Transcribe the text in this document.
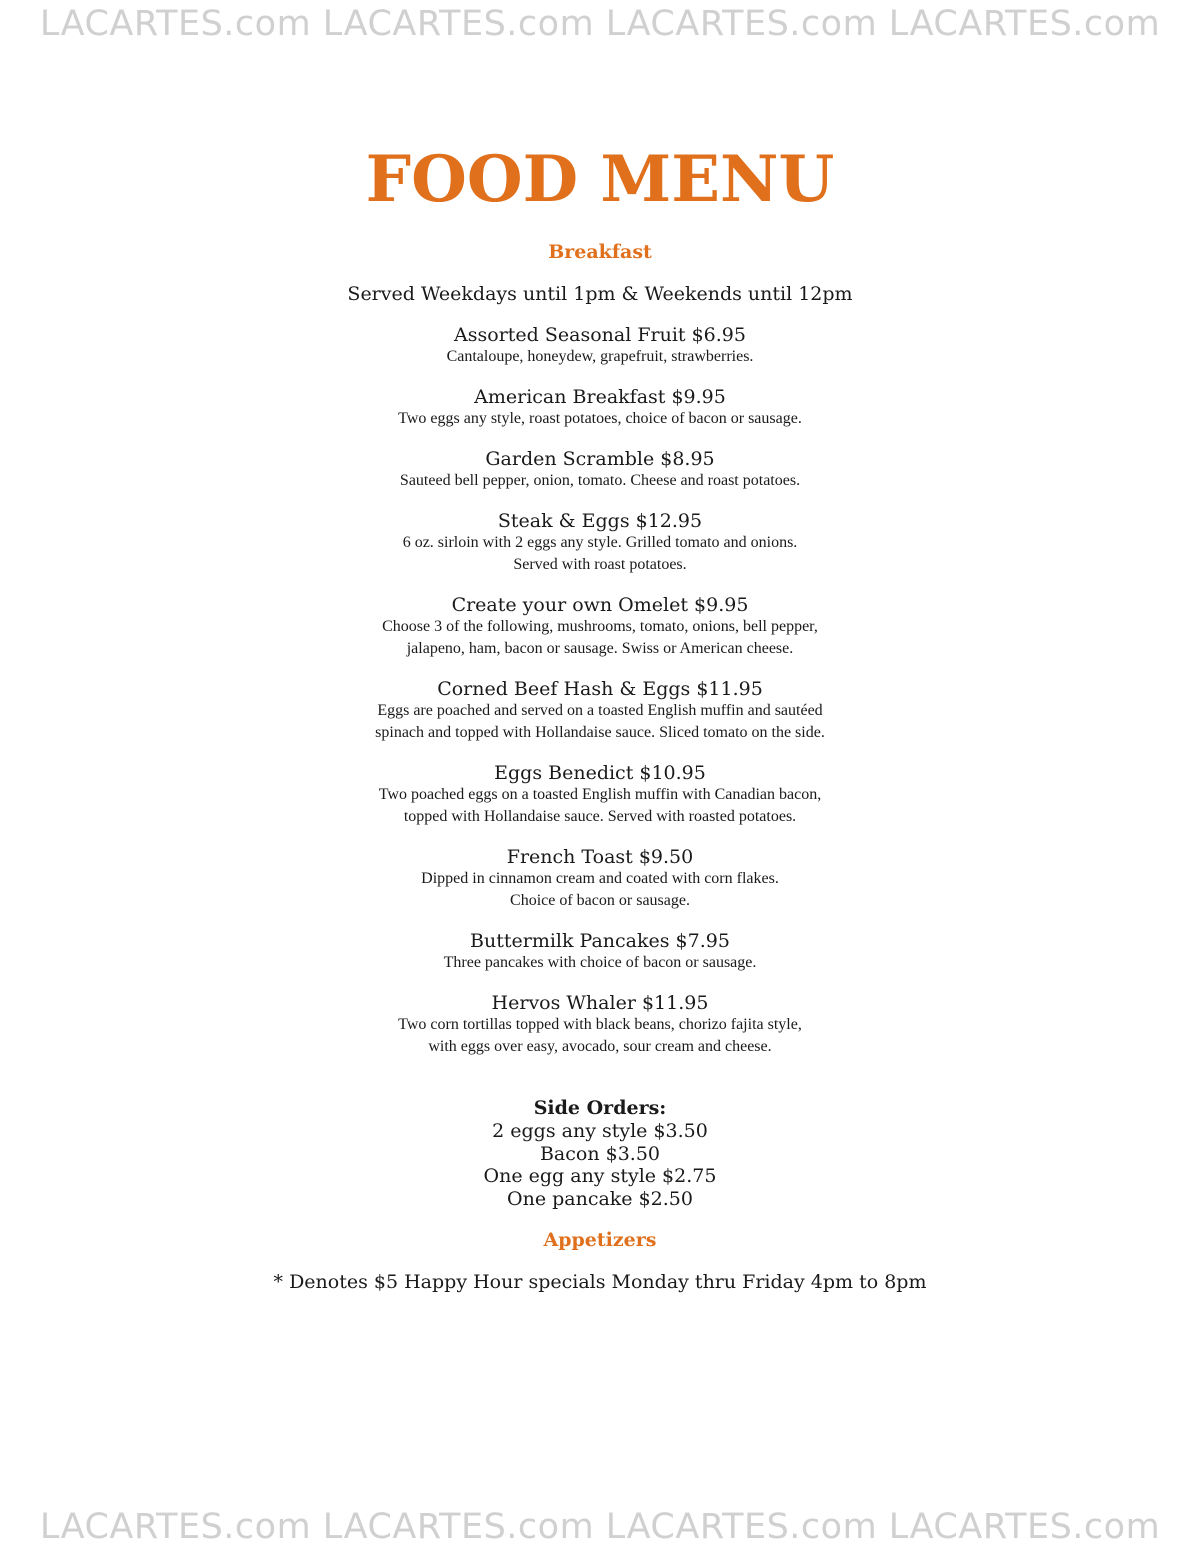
LACARTES.com LACARTES.com LACARTES.com LACARTES.com
FOOD MENU
Breakfast
Served Weekdays until 1pm & Weekends until 12pm
Assorted Seasonal Fruit $6.95
Cantaloupe, honeydew, grapefruit, strawberries.
American Breakfast $9.95
Two eggs any style, roast potatoes, choice of bacon or sausage.
Garden Scramble $8.95
Sauteed bell pepper, onion, tomato. Cheese and roast potatoes.
Steak & Eggs $12.95
6 oz. sirloin with 2 eggs any style. Grilled tomato and onions.
Served with roast potatoes.
Create your own Omelet $9.95
Choose 3 of the following, mushrooms, tomato, onions, bell pepper,
jalapeno, ham, bacon or sausage. Swiss or American cheese.
Corned Beef Hash & Eggs $11.95
Eggs are poached and served on a toasted English muffin and sautéed
spinach and topped with Hollandaise sauce. Sliced tomato on the side.
Eggs Benedict $10.95
Two poached eggs on a toasted English muffin with Canadian bacon,
topped with Hollandaise sauce. Served with roasted potatoes.
French Toast $9.50
Dipped in cinnamon cream and coated with corn flakes.
Choice of bacon or sausage.
Buttermilk Pancakes $7.95
Three pancakes with choice of bacon or sausage.
Hervos Whaler $11.95
Two corn tortillas topped with black beans, chorizo fajita style,
with eggs over easy, avocado, sour cream and cheese.
Side Orders:
2 eggs any style $3.50
Bacon $3.50
One egg any style $2.75
One pancake $2.50
Appetizers
* Denotes $5 Happy Hour specials Monday thru Friday 4pm to 8pm
LACARTES.com LACARTES.com LACARTES.com LACARTES.com
